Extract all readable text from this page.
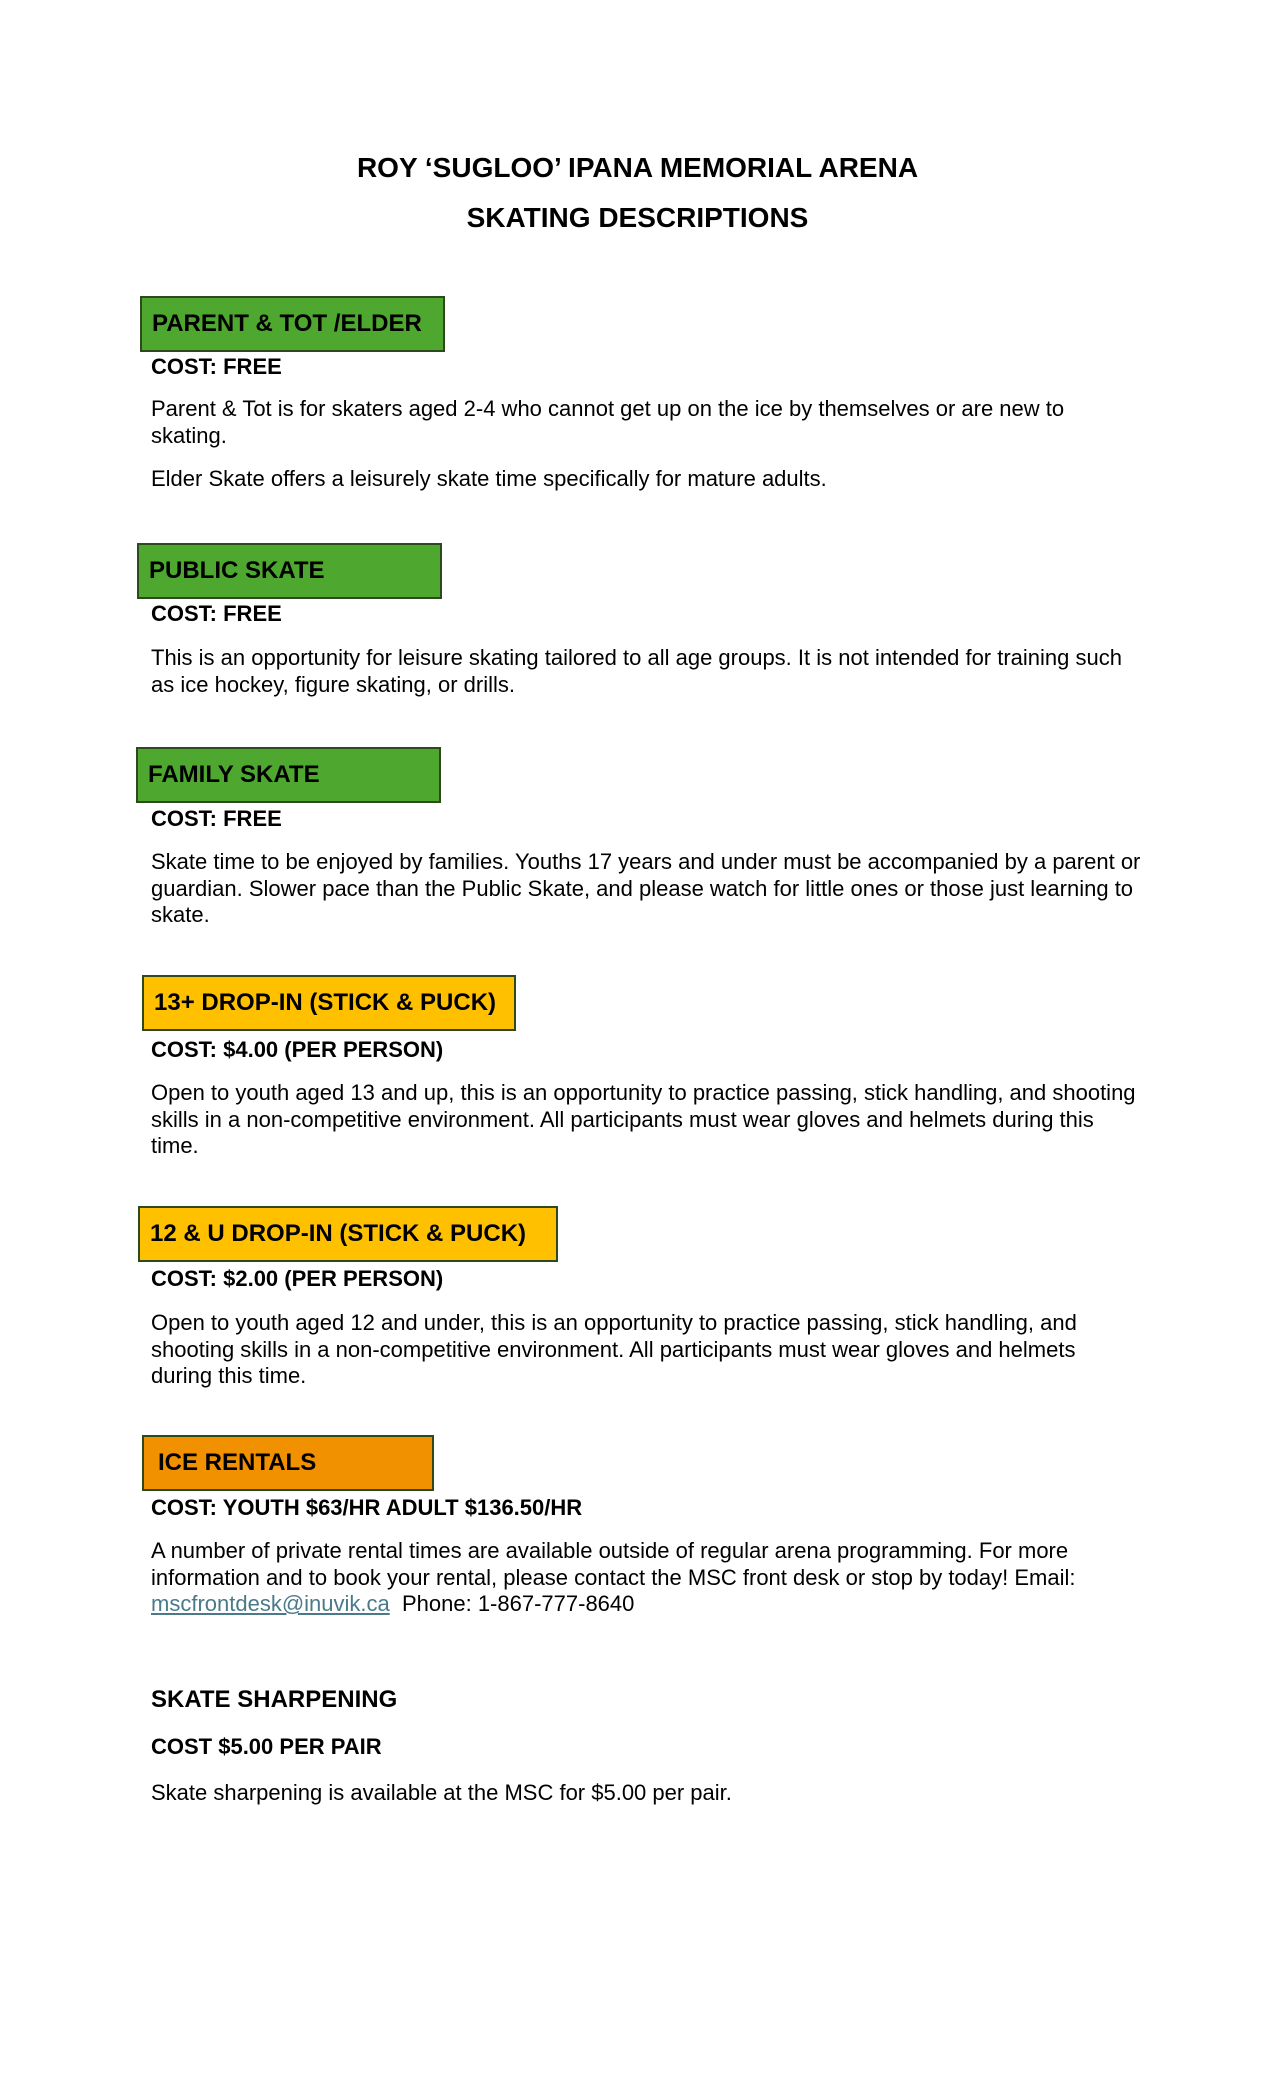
ROY ‘SUGLOO’ IPANA MEMORIAL ARENA
SKATING DESCRIPTIONS
PARENT & TOT /ELDER

COST: FREE

Parent & Tot is for skaters aged 2-4 who cannot get up on the ice by themselves or are new to skating.

Elder Skate offers a leisurely skate time specifically for mature adults.

PUBLIC SKATE

COST: FREE

This is an opportunity for leisure skating tailored to all age groups. It is not intended for training such as ice hockey, figure skating, or drills.

FAMILY SKATE

COST: FREE

Skate time to be enjoyed by families. Youths 17 years and under must be accompanied by a parent or guardian. Slower pace than the Public Skate, and please watch for little ones or those just learning to skate.

13+ DROP-IN (STICK & PUCK)

COST: $4.00 (PER PERSON)

Open to youth aged 13 and up, this is an opportunity to practice passing, stick handling, and shooting skills in a non-competitive environment. All participants must wear gloves and helmets during this time.

12 & U DROP-IN (STICK & PUCK)

COST: $2.00 (PER PERSON)

Open to youth aged 12 and under, this is an opportunity to practice passing, stick handling, and shooting skills in a non-competitive environment. All participants must wear gloves and helmets during this time.

ICE RENTALS

COST: YOUTH $63/HR ADULT $136.50/HR

A number of private rental times are available outside of regular arena programming. For more information and to book your rental, please contact the MSC front desk or stop by today! Email: mscfrontdesk@inuvik.ca Phone: 1-867-777-8640

SKATE SHARPENING

COST $5.00 PER PAIR

Skate sharpening is available at the MSC for $5.00 per pair.
